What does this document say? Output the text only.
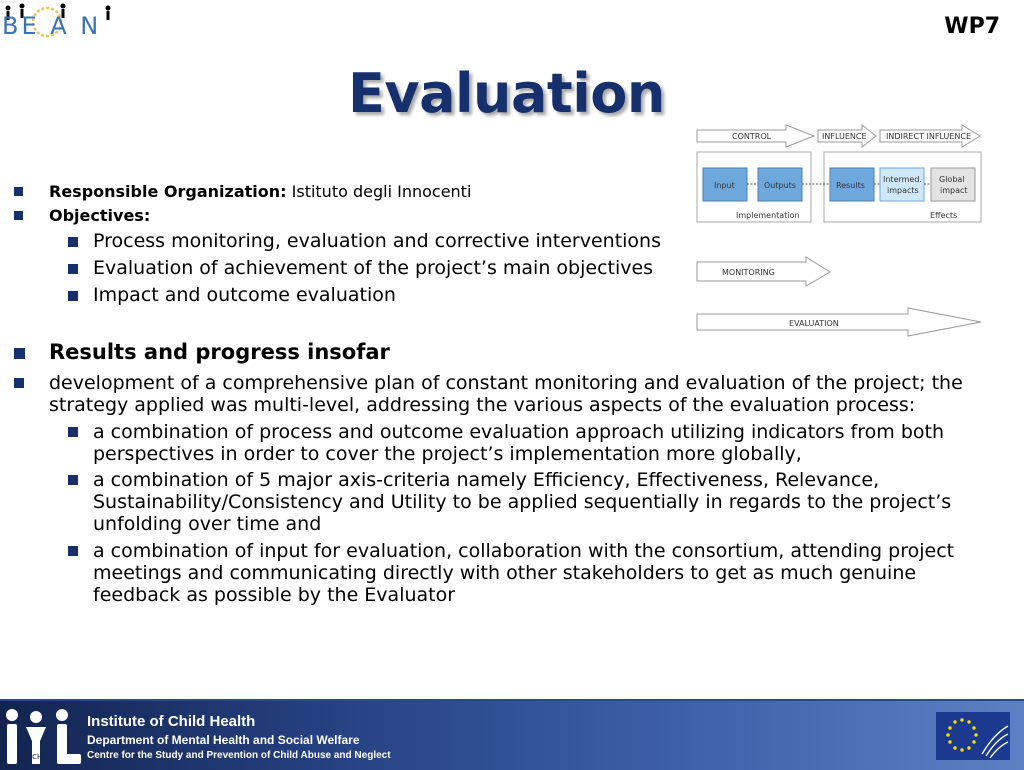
BE A N	WP7
Evaluation
CONTROL	INFLUENCE INDIRECT INFLUENCE
Input	Outputs	Results
Intermed.
impacts
Global
impact
Implementation	Effects
MONITORING
EVALUATION
Responsible Organization: Istituto degli Innocenti
Objectives:
Process monitoring, evaluation and corrective interventions
Evaluation of achievement of the project’s main objectives
Impact and outcome evaluation
Results and progress insofar
development of a comprehensive plan of constant monitoring and evaluation of the project; the strategy applied was multi-level, addressing the various aspects of the evaluation process:
a combination of process and outcome evaluation approach utilizing indicators from both perspectives in order to cover the project’s implementation more globally,
a combination of 5 major axis-criteria namely Efficiency, Effectiveness, Relevance, Sustainability/Consistency and Utility to be applied sequentially in regards to the project’s unfolding over time and
a combination of input for evaluation, collaboration with the consortium, attending project meetings and communicating directly with other stakeholders to get as much genuine feedback as possible by the Evaluator
ICH
Institute of Child Health
Department of Mental Health and Social Welfare
Centre for the Study and Prevention of Child Abuse and Neglect
